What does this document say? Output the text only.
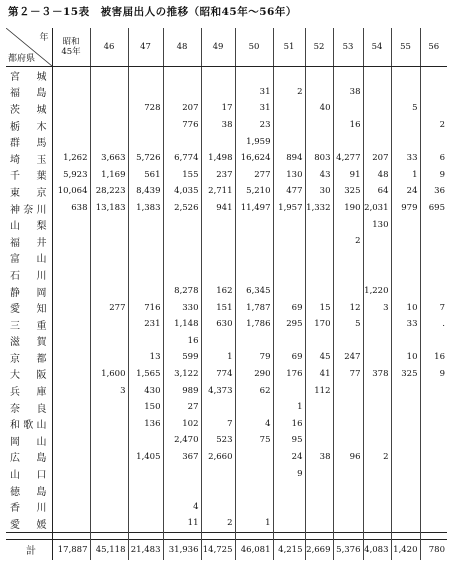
第２－３－15表　被害届出人の推移（昭和45年～56年）
年
都府県	昭和
45年	46	47	48	49	50	51	52	53	54	55	56
宮城												
福島						31	2		38			
茨城			728	207	17	31		40			5	
栃木				776	38	23			16			2
群馬						1,959						
埼玉	1,262	3,663	5,726	6,774	1,498	16,624	894	803	4,277	207	33	6
千葉	5,923	1,169	561	155	237	277	130	43	91	48	1	9
東京	10,064	28,223	8,439	4,035	2,711	5,210	477	30	325	64	24	36
神奈川	638	13,183	1,383	2,526	941	11,497	1,957	1,332	190	2,031	979	695
山梨										130		
福井									2			
富山												
石川												
静岡				8,278	162	6,345				1,220		
愛知		277	716	330	151	1,787	69	15	12	3	10	7
三重			231	1,148	630	1,786	295	170	5		33	.
滋賀				16								
京都			13	599	1	79	69	45	247		10	16
大阪		1,600	1,565	3,122	774	290	176	41	77	378	325	9
兵庫		3	430	989	4,373	62		112				
奈良			150	27			1					
和歌山			136	102	7	4	16					
岡山				2,470	523	75	95					
広島			1,405	367	2,660		24	38	96	2		
山口							9					
徳島												
香川				4								
愛媛				11	2	1						

計	17,887	45,118	21,483	31,936	14,725	46,081	4,215	2,669	5,376	4,083	1,420	780
